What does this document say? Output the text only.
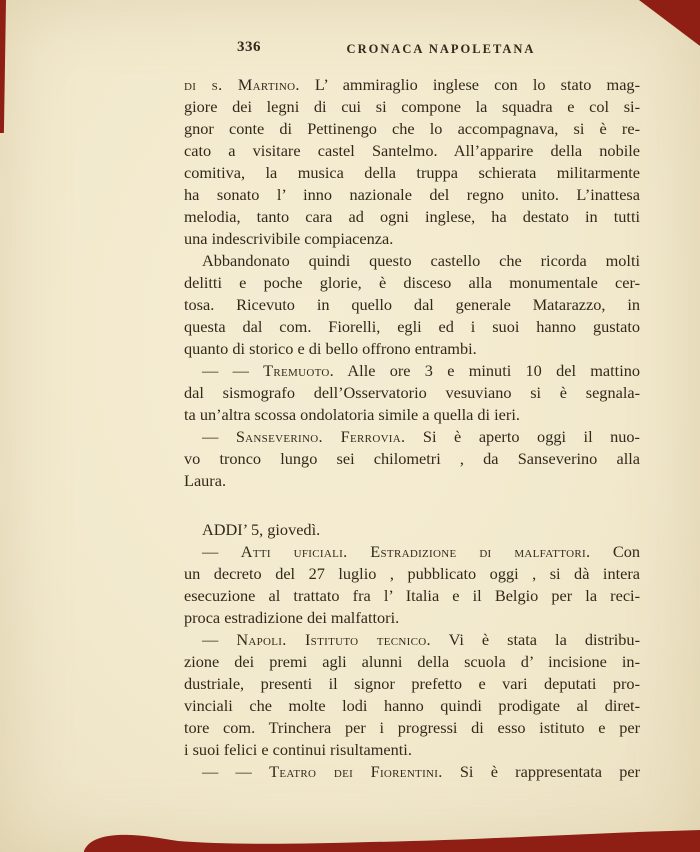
336	CRONACA NAPOLETANA
di s. Martino. L’ ammiraglio inglese con lo stato mag-
giore dei legni di cui si compone la squadra e col si-
gnor conte di Pettinengo che lo accompagnava, si è re-
cato a visitare castel Santelmo. All’apparire della nobile
comitiva, la musica della truppa schierata militarmente
ha sonato l’ inno nazionale del regno unito. L’inattesa
melodia, tanto cara ad ogni inglese, ha destato in tutti
una indescrivibile compiacenza.
Abbandonato quindi questo castello che ricorda molti
delitti e poche glorie, è disceso alla monumentale cer-
tosa. Ricevuto in quello dal generale Matarazzo, in
questa dal com. Fiorelli, egli ed i suoi hanno gustato
quanto di storico e di bello offrono entrambi.
— — Tremuoto. Alle ore 3 e minuti 10 del mattino
dal sismografo dell’Osservatorio vesuviano si è segnala-
ta un’altra scossa ondolatoria simile a quella di ieri.
— Sanseverino. Ferrovia. Si è aperto oggi il nuo-
vo tronco lungo sei chilometri , da Sanseverino alla
Laura.
ADDI’ 5, giovedì.
— Atti uficiali. Estradizione di malfattori. Con
un decreto del 27 luglio , pubblicato oggi , si dà intera
esecuzione al trattato fra l’ Italia e il Belgio per la reci-
proca estradizione dei malfattori.
— Napoli. Istituto tecnico. Vi è stata la distribu-
zione dei premi agli alunni della scuola d’ incisione in-
dustriale, presenti il signor prefetto e vari deputati pro-
vinciali che molte lodi hanno quindi prodigate al diret-
tore com. Trinchera per i progressi di esso istituto e per
i suoi felici e continui risultamenti.
— — Teatro dei Fiorentini. Si è rappresentata per
